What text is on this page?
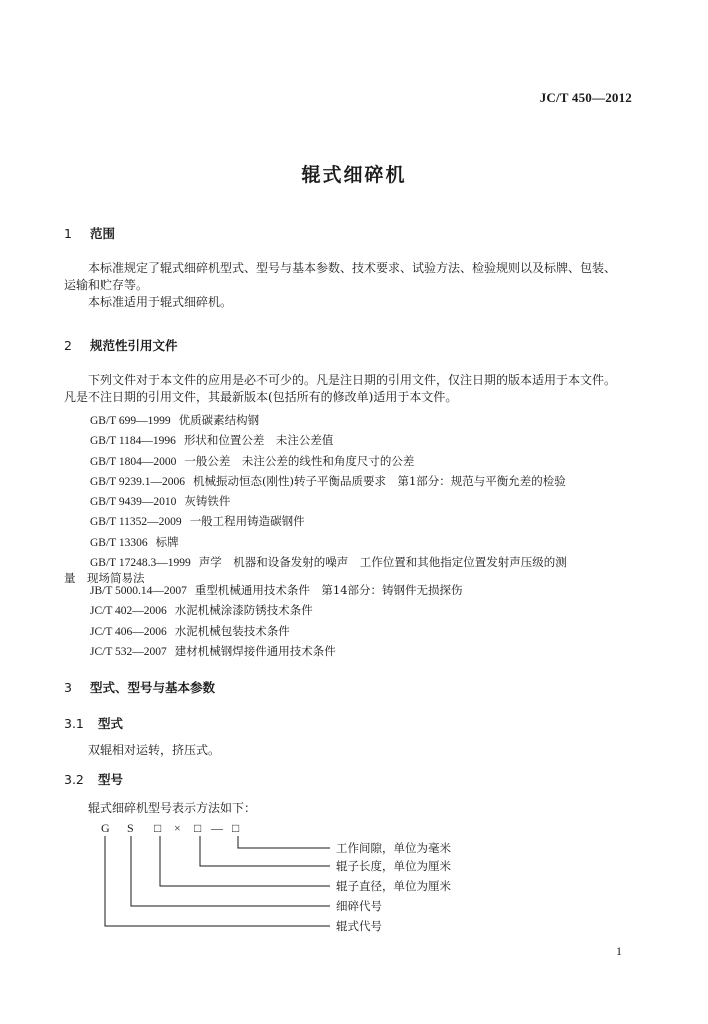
JC/T 450—2012
辊式细碎机
1 范围
本标准规定了辊式细碎机型式、型号与基本参数、技术要求、试验方法、检验规则以及标牌、包装、
运输和贮存等。
本标准适用于辊式细碎机。
2 规范性引用文件
下列文件对于本文件的应用是必不可少的。凡是注日期的引用文件，仅注日期的版本适用于本文件。
凡是不注日期的引用文件，其最新版本(包括所有的修改单)适用于本文件。
GB/T 699—1999 优质碳素结构钢
GB/T 1184—1996 形状和位置公差　未注公差值
GB/T 1804—2000 一般公差　未注公差的线性和角度尺寸的公差
GB/T 9239.1—2006 机械振动恒态(刚性)转子平衡品质要求　第1部分：规范与平衡允差的检验
GB/T 9439—2010 灰铸铁件
GB/T 11352—2009 一般工程用铸造碳钢件
GB/T 13306 标牌
GB/T 17248.3—1999 声学　机器和设备发射的噪声　工作位置和其他指定位置发射声压级的测
量　现场简易法
JB/T 5000.14—2007 重型机械通用技术条件　第14部分：铸钢件无损探伤
JC/T 402—2006 水泥机械涂漆防锈技术条件
JC/T 406—2006 水泥机械包装技术条件
JC/T 532—2007 建材机械钢焊接件通用技术条件
3 型式、型号与基本参数
3.1 型式
双辊相对运转，挤压式。
3.2 型号
辊式细碎机型号表示方法如下：
G S □ × □ — □
工作间隙，单位为毫米
辊子长度，单位为厘米
辊子直径，单位为厘米
细碎代号
辊式代号
1
